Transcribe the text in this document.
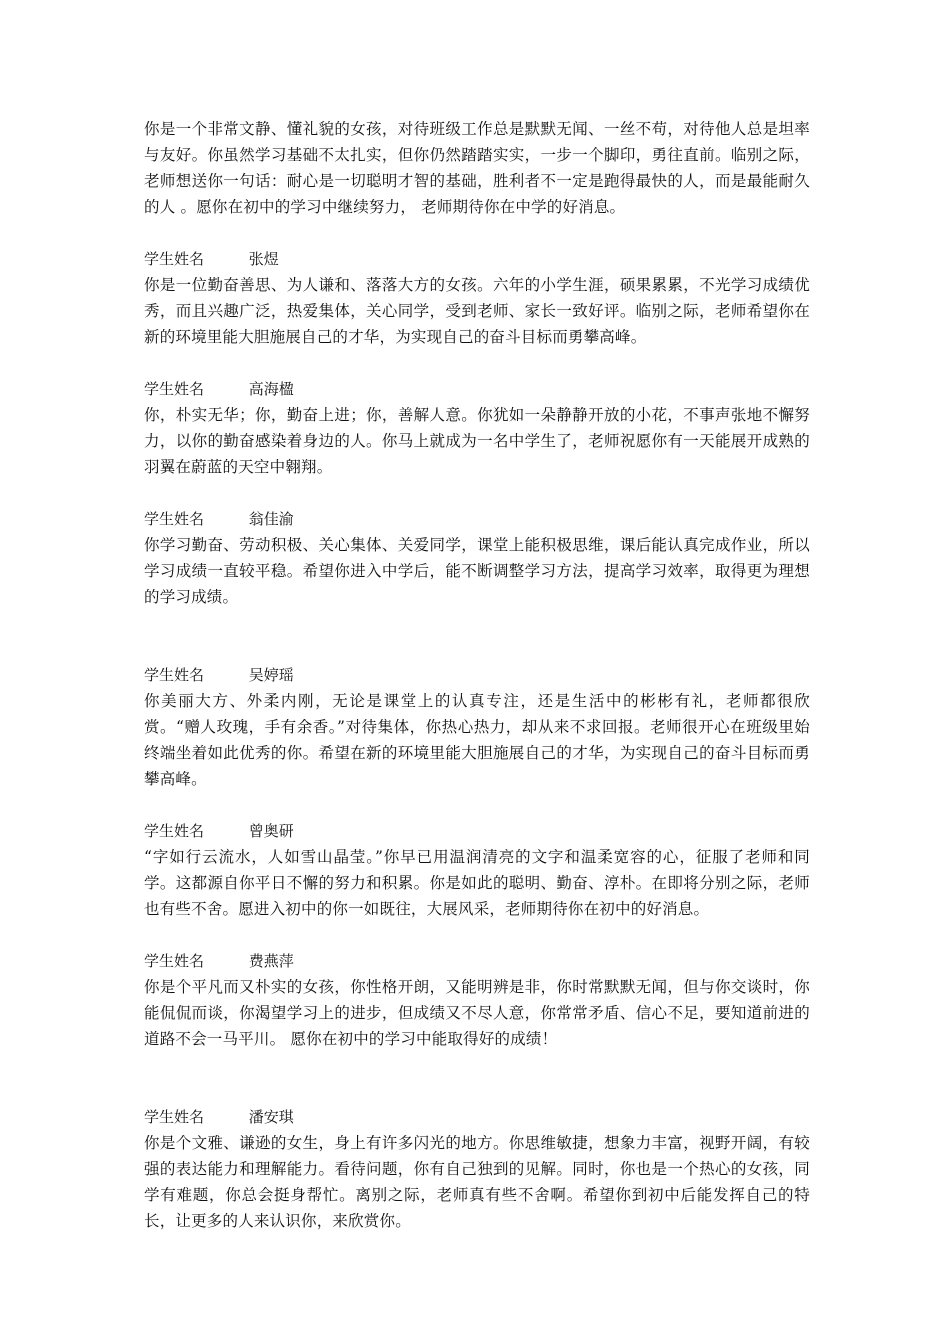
你是一个非常文静、懂礼貌的女孩，对待班级工作总是默默无闻、一丝不苟，对待他人总是坦率与友好。你虽然学习基础不太扎实，但你仍然踏踏实实，一步一个脚印，勇往直前。临别之际，老师想送你一句话：耐心是一切聪明才智的基础，胜利者不一定是跑得最快的人，而是最能耐久的人 。愿你在初中的学习中继续努力， 老师期待你在中学的好消息。

学生姓名	张煜

你是一位勤奋善思、为人谦和、落落大方的女孩。六年的小学生涯，硕果累累，不光学习成绩优秀，而且兴趣广泛，热爱集体，关心同学，受到老师、家长一致好评。临别之际，老师希望你在新的环境里能大胆施展自己的才华，为实现自己的奋斗目标而勇攀高峰。

学生姓名	高海楹

你，朴实无华；你，勤奋上进；你，善解人意。你犹如一朵静静开放的小花，不事声张地不懈努力，以你的勤奋感染着身边的人。你马上就成为一名中学生了，老师祝愿你有一天能展开成熟的羽翼在蔚蓝的天空中翱翔。

学生姓名	翁佳渝

你学习勤奋、劳动积极、关心集体、关爱同学，课堂上能积极思维，课后能认真完成作业，所以学习成绩一直较平稳。希望你进入中学后，能不断调整学习方法，提高学习效率，取得更为理想的学习成绩。

学生姓名	吴婷瑶

你美丽大方、外柔内刚，无论是课堂上的认真专注，还是生活中的彬彬有礼，老师都很欣赏。“赠人玫瑰，手有余香。”对待集体，你热心热力，却从来不求回报。老师很开心在班级里始终端坐着如此优秀的你。希望在新的环境里能大胆施展自己的才华，为实现自己的奋斗目标而勇攀高峰。

学生姓名	曾奥研

“字如行云流水，人如雪山晶莹。”你早已用温润清亮的文字和温柔宽容的心，征服了老师和同学。这都源自你平日不懈的努力和积累。你是如此的聪明、勤奋、淳朴。在即将分别之际，老师也有些不舍。愿进入初中的你一如既往，大展风采，老师期待你在初中的好消息。

学生姓名	费燕萍

你是个平凡而又朴实的女孩，你性格开朗，又能明辨是非，你时常默默无闻，但与你交谈时，你能侃侃而谈，你渴望学习上的进步，但成绩又不尽人意，你常常矛盾、信心不足，要知道前进的道路不会一马平川。 愿你在初中的学习中能取得好的成绩！

学生姓名	潘安琪

你是个文雅、谦逊的女生，身上有许多闪光的地方。你思维敏捷，想象力丰富，视野开阔，有较强的表达能力和理解能力。看待问题，你有自己独到的见解。同时，你也是一个热心的女孩，同学有难题，你总会挺身帮忙。离别之际，老师真有些不舍啊。希望你到初中后能发挥自己的特长，让更多的人来认识你，来欣赏你。
